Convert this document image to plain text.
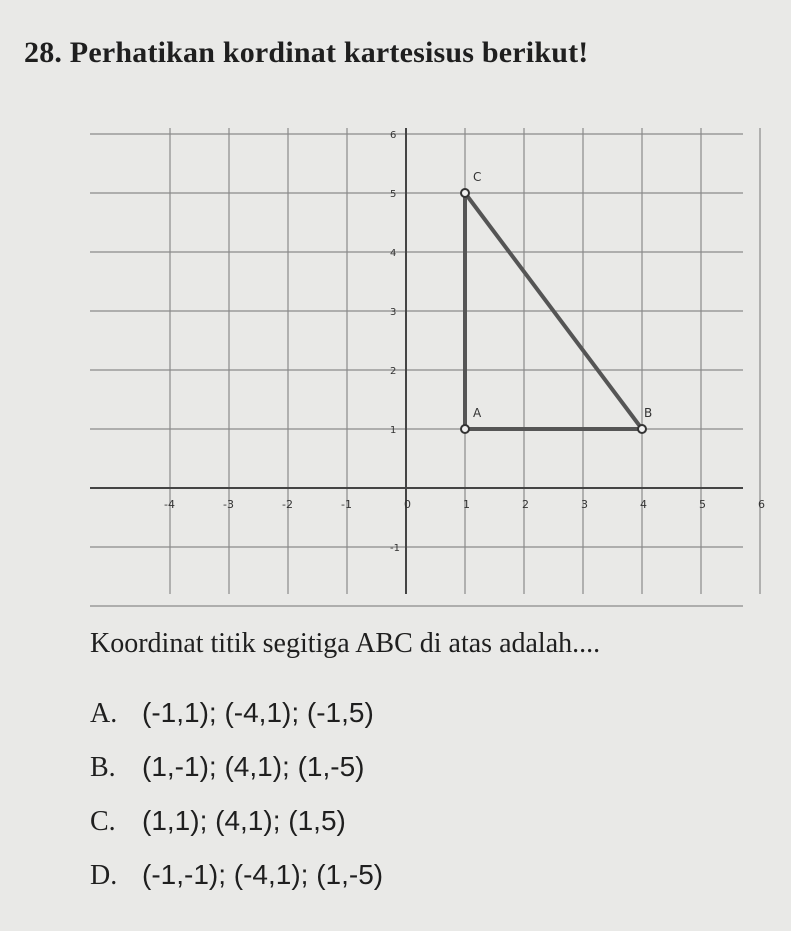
28. Perhatikan kordinat kartesisus berikut!
-4	-3	-2	-1	0	1	2	3	4	5	6
6
5
4
3
2
1
-1
A	B
C
Koordinat titik segitiga ABC di atas adalah....
A. (-1,1); (-4,1); (-1,5)
B. (1,-1); (4,1); (1,-5)
C. (1,1); (4,1); (1,5)
D. (-1,-1); (-4,1); (1,-5)
